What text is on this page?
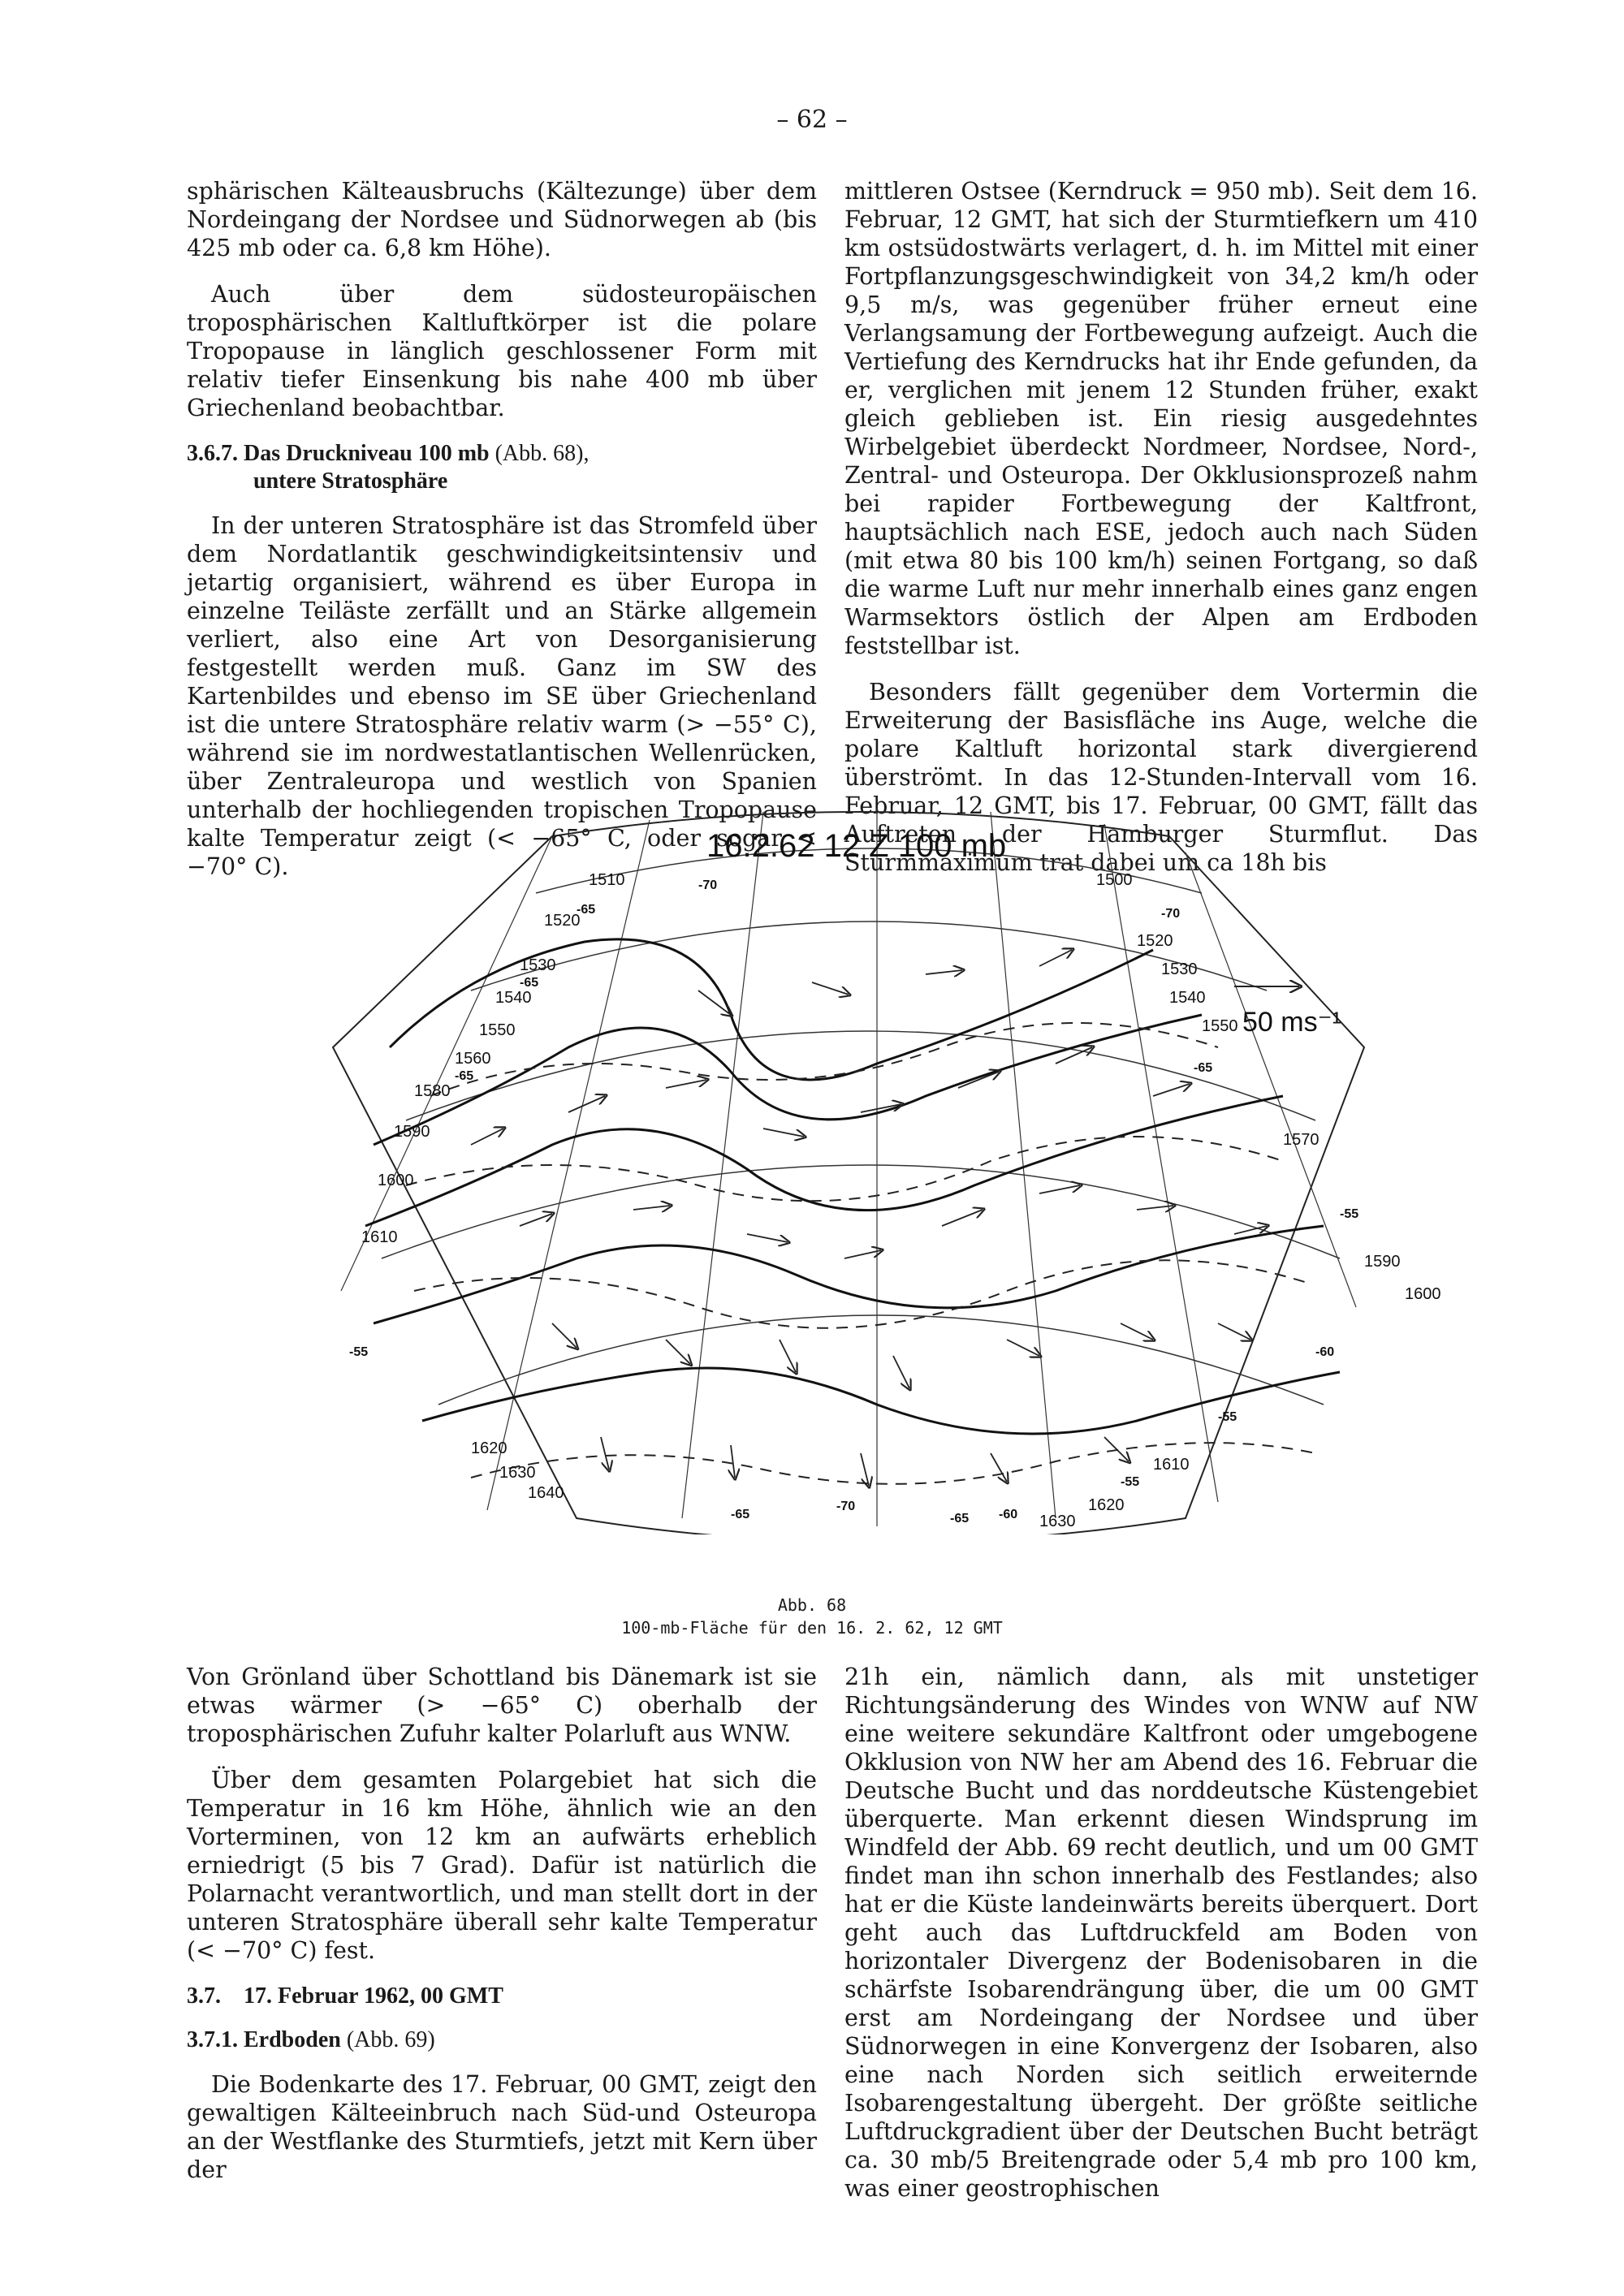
– 62 –

sphärischen Kälteausbruchs (Kältezunge) über dem Nordeingang der Nordsee und Südnorwegen ab (bis 425 mb oder ca. 6,8 km Höhe).

Auch über dem südosteuropäischen troposphärischen Kaltluftkörper ist die polare Tropopause in länglich geschlossener Form mit relativ tiefer Einsenkung bis nahe 400 mb über Griechenland beobachtbar.

3.6.7. Das Druckniveau 100 mb (Abb. 68),
untere Stratosphäre

In der unteren Stratosphäre ist das Stromfeld über dem Nordatlantik geschwindigkeitsintensiv und jetartig organisiert, während es über Europa in einzelne Teiläste zerfällt und an Stärke allgemein verliert, also eine Art von Desorganisierung festgestellt werden muß. Ganz im SW des Kartenbildes und ebenso im SE über Griechenland ist die untere Stratosphäre relativ warm (> −55° C), während sie im nordwestatlantischen Wellenrücken, über Zentraleuropa und westlich von Spanien unterhalb der hochliegenden tropischen Tropopause kalte Temperatur zeigt (< −65° C, oder sogar < −70° C).

mittleren Ostsee (Kerndruck = 950 mb). Seit dem 16. Februar, 12 GMT, hat sich der Sturmtiefkern um 410 km ostsüdostwärts verlagert, d. h. im Mittel mit einer Fortpflanzungsgeschwindigkeit von 34,2 km/h oder 9,5 m/s, was gegenüber früher erneut eine Verlangsamung der Fortbewegung aufzeigt. Auch die Vertiefung des Kerndrucks hat ihr Ende gefunden, da er, verglichen mit jenem 12 Stunden früher, exakt gleich geblieben ist. Ein riesig ausgedehntes Wirbelgebiet überdeckt Nordmeer, Nordsee, Nord-, Zentral- und Osteuropa. Der Okklusionsprozeß nahm bei rapider Fortbewegung der Kaltfront, hauptsächlich nach ESE, jedoch auch nach Süden (mit etwa 80 bis 100 km/h) seinen Fortgang, so daß die warme Luft nur mehr innerhalb eines ganz engen Warmsektors östlich der Alpen am Erdboden feststellbar ist.

Besonders fällt gegenüber dem Vortermin die Erweiterung der Basisfläche ins Auge, welche die polare Kaltluft horizontal stark divergierend überströmt. In das 12-Stunden-Intervall vom 16. Februar, 12 GMT, bis 17. Februar, 00 GMT, fällt das Auftreten der Hamburger Sturmflut. Das Sturmmaximum trat dabei um ca 18h bis

50 ms⁻¹
16.2.62 12 Z 100 mb
1510
1520
1530
1540
1550
1560
1580
1590
1600
1610
1620
1630
1640
1500
1520
1530
1540
1550
1570
1590
1600
1610
1620
1630
-70
-65
-65
-65
-55
-70
-65
-55
-60
-55
-55
-65
-70
-60
-65
Abb. 68
100-mb-Fläche für den 16. 2. 62, 12 GMT

Von Grönland über Schottland bis Dänemark ist sie etwas wärmer (> −65° C) oberhalb der troposphärischen Zufuhr kalter Polarluft aus WNW.

Über dem gesamten Polargebiet hat sich die Temperatur in 16 km Höhe, ähnlich wie an den Vorterminen, von 12 km an aufwärts erheblich erniedrigt (5 bis 7 Grad). Dafür ist natürlich die Polarnacht verantwortlich, und man stellt dort in der unteren Stratosphäre überall sehr kalte Temperatur (< −70° C) fest.

3.7. 17. Februar 1962, 00 GMT
3.7.1. Erdboden (Abb. 69)

Die Bodenkarte des 17. Februar, 00 GMT, zeigt den gewaltigen Kälteeinbruch nach Süd-und Osteuropa an der Westflanke des Sturmtiefs, jetzt mit Kern über der

21h ein, nämlich dann, als mit unstetiger Richtungsänderung des Windes von WNW auf NW eine weitere sekundäre Kaltfront oder umgebogene Okklusion von NW her am Abend des 16. Februar die Deutsche Bucht und das norddeutsche Küstengebiet überquerte. Man erkennt diesen Windsprung im Windfeld der Abb. 69 recht deutlich, und um 00 GMT findet man ihn schon innerhalb des Festlandes; also hat er die Küste landeinwärts bereits überquert. Dort geht auch das Luftdruckfeld am Boden von horizontaler Divergenz der Bodenisobaren in die schärfste Isobarendrängung über, die um 00 GMT erst am Nordeingang der Nordsee und über Südnorwegen in eine Konvergenz der Isobaren, also eine nach Norden sich seitlich erweiternde Isobarengestaltung übergeht. Der größte seitliche Luftdruckgradient über der Deutschen Bucht beträgt ca. 30 mb/5 Breitengrade oder 5,4 mb pro 100 km, was einer geostrophischen
